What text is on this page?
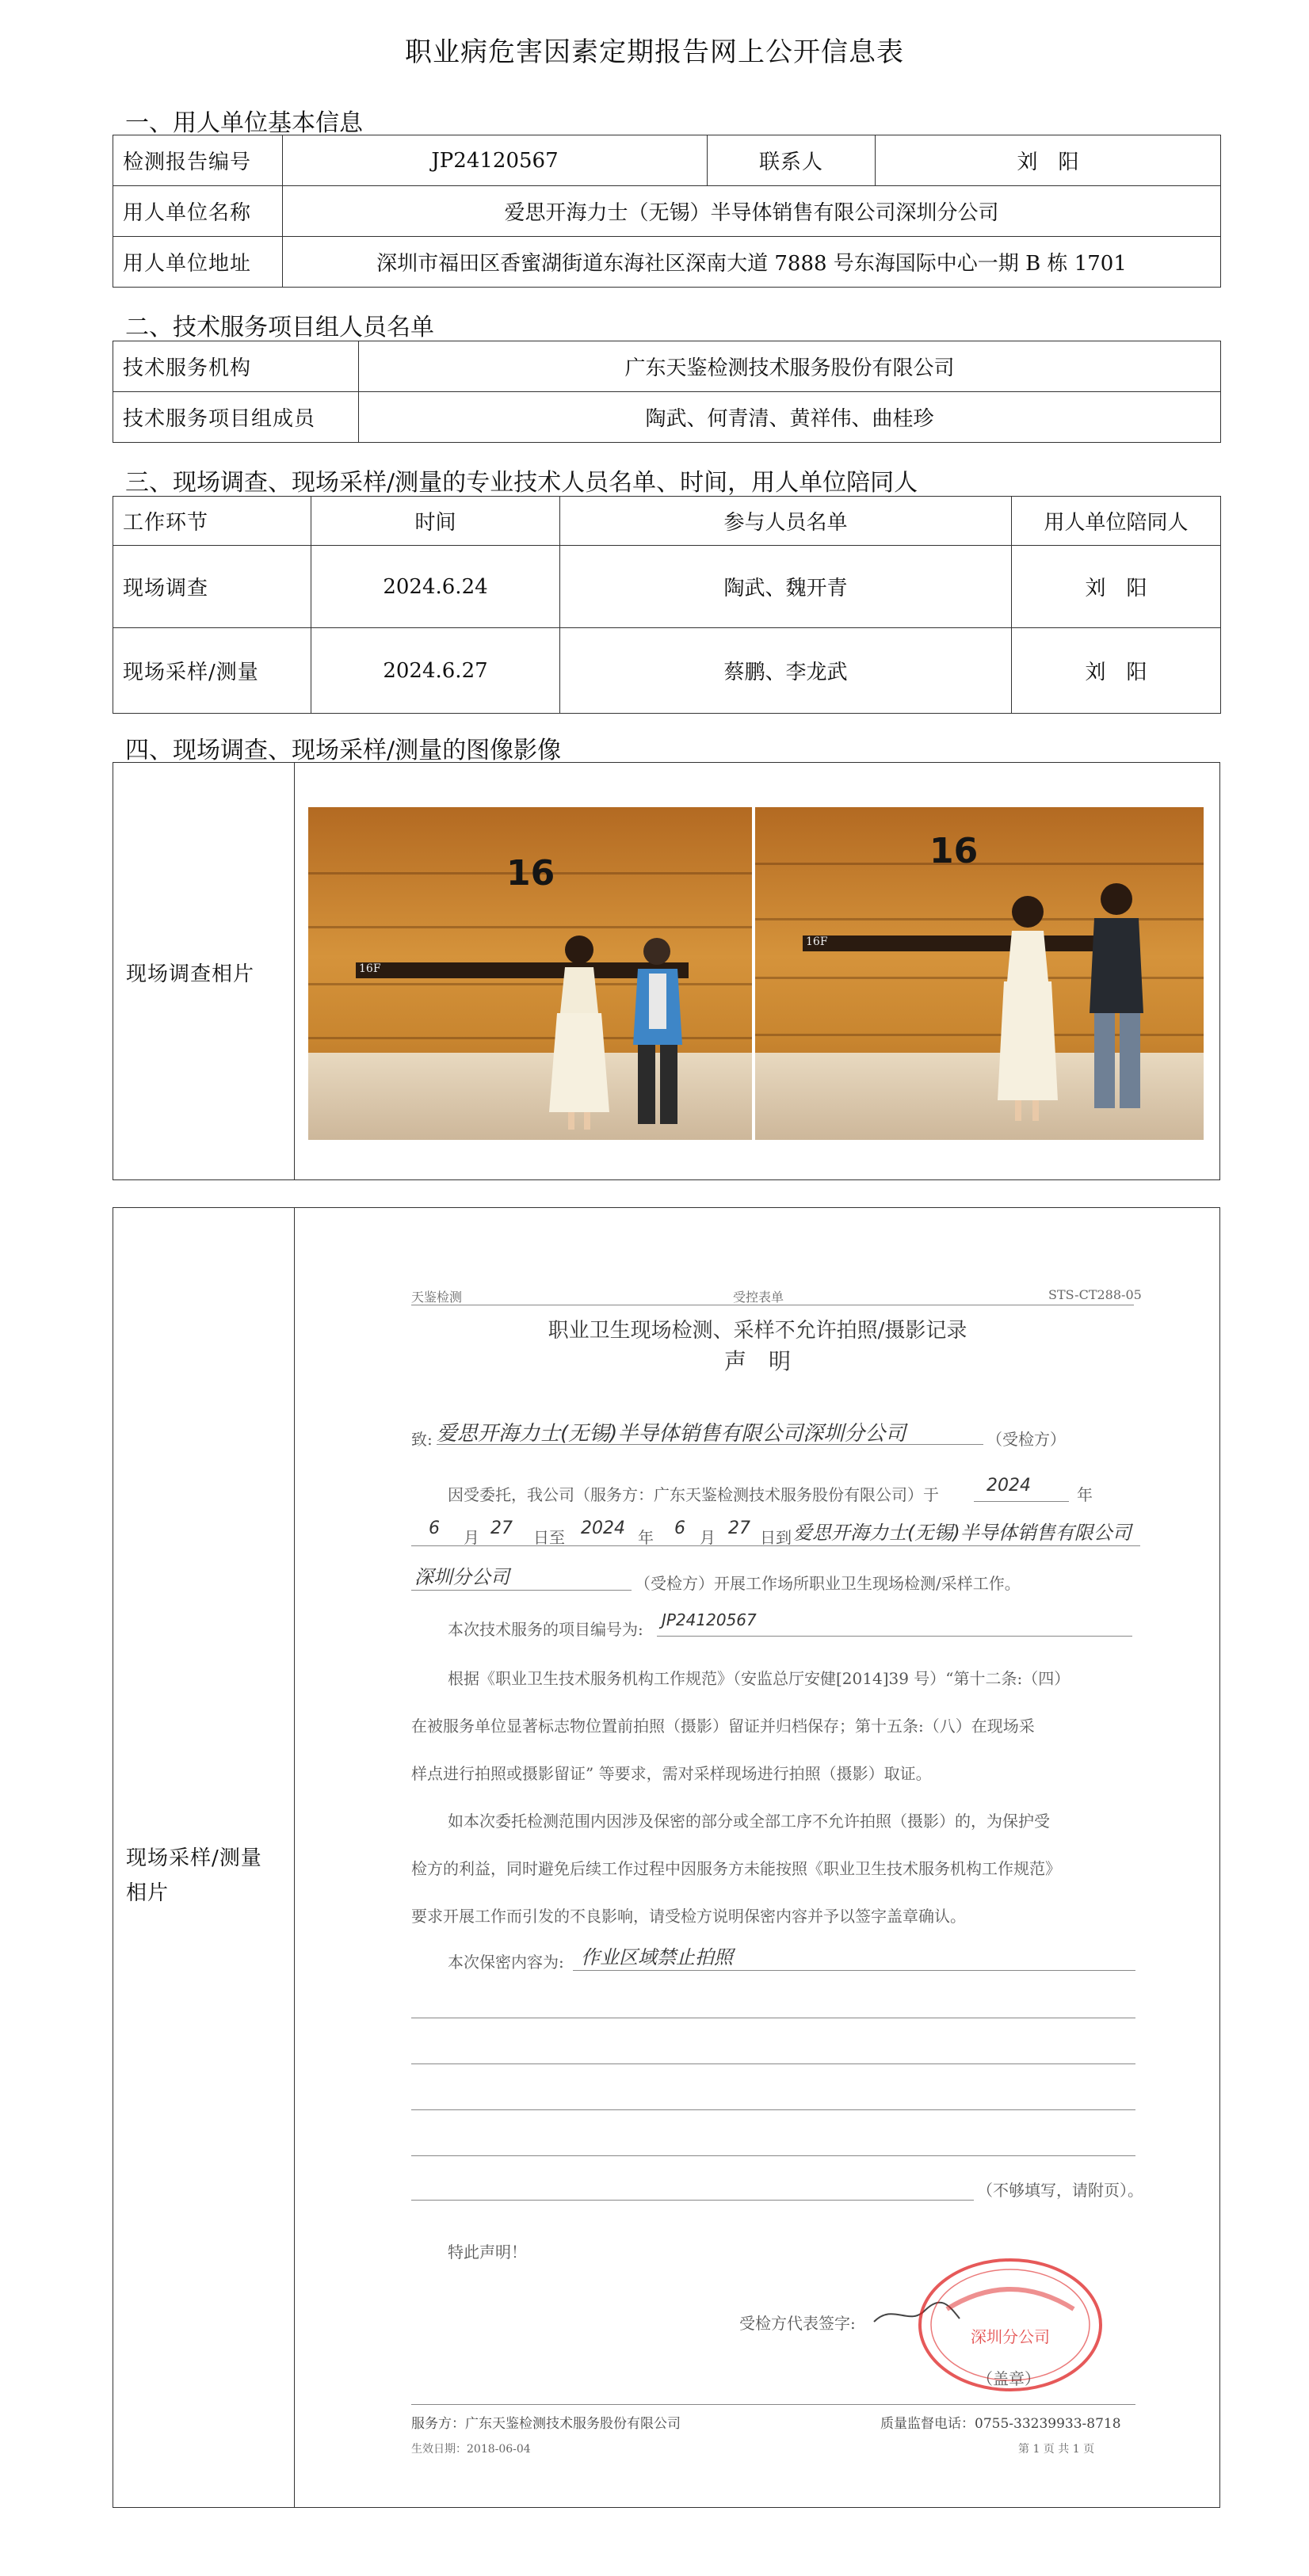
职业病危害因素定期报告网上公开信息表
一、用人单位基本信息
检测报告编号	JP24120567	联系人	刘　阳
用人单位名称	爱思开海力士（无锡）半导体销售有限公司深圳分公司		
用人单位地址	深圳市福田区香蜜湖街道东海社区深南大道 7888 号东海国际中心一期 B 栋 1701		
二、技术服务项目组人员名单
技术服务机构	广东天鉴检测技术服务股份有限公司
技术服务项目组成员	陶武、何青清、黄祥伟、曲桂珍
三、现场调查、现场采样/测量的专业技术人员名单、时间，用人单位陪同人
工作环节	时间	参与人员名单	用人单位陪同人
现场调查	2024.6.24	陶武、魏开青	刘　阳
现场采样/测量	2024.6.27	蔡鹏、李龙武	刘　阳
四、现场调查、现场采样/测量的图像影像
现场调查相片
16
16F
16
16F
现场采样/测量
相片
天鉴检测	受控表单	STS-CT288-05
职业卫生现场检测、采样不允许拍照/摄影记录
声　明
致: 爱思开海力士(无锡)半导体销售有限公司深圳分公司	（受检方）
因受委托，我公司（服务方：广东天鉴检测技术服务股份有限公司）于	2024	年
6 月 27 日至 2024 年 6 月 27 日到 爱思开海力士(无锡)半导体销售有限公司
深圳分公司	（受检方）开展工作场所职业卫生现场检测/采样工作。
本次技术服务的项目编号为: JP24120567
根据《职业卫生技术服务机构工作规范》（安监总厅安健[2014]39 号）“第十二条:（四）
在被服务单位显著标志物位置前拍照（摄影）留证并归档保存；第十五条:（八）在现场采
样点进行拍照或摄影留证” 等要求，需对采样现场进行拍照（摄影）取证。
如本次委托检测范围内因涉及保密的部分或全部工序不允许拍照（摄影）的，为保护受
检方的利益，同时避免后续工作过程中因服务方未能按照《职业卫生技术服务机构工作规范》
要求开展工作而引发的不良影响，请受检方说明保密内容并予以签字盖章确认。
本次保密内容为: 作业区域禁止拍照
（不够填写，请附页）。
特此声明！
受检方代表签字:
（盖章）
深圳分公司
服务方：广东天鉴检测技术服务股份有限公司	质量监督电话：0755-33239933-8718
生效日期：2018-06-04	第 1 页 共 1 页
